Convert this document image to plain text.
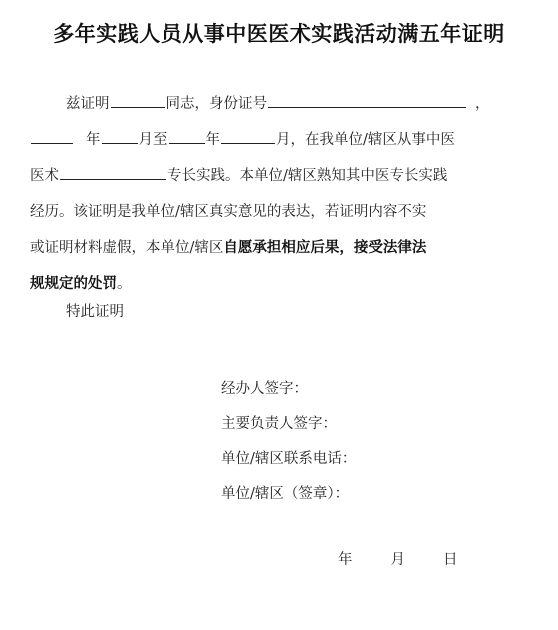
多年实践人员从事中医医术实践活动满五年证明
兹证明	同志，身份证号	，
年	月至	年	月，在我单位/辖区从事中医
医术	专长实践。本单位/辖区熟知其中医专长实践
经历。该证明是我单位/辖区真实意见的表达，若证明内容不实
或证明材料虚假，本单位/辖区自愿承担相应后果，接受法律法
规规定的处罚。
特此证明
经办人签字：
主要负责人签字：
单位/辖区联系电话：
单位/辖区（签章）：
年	月	日
